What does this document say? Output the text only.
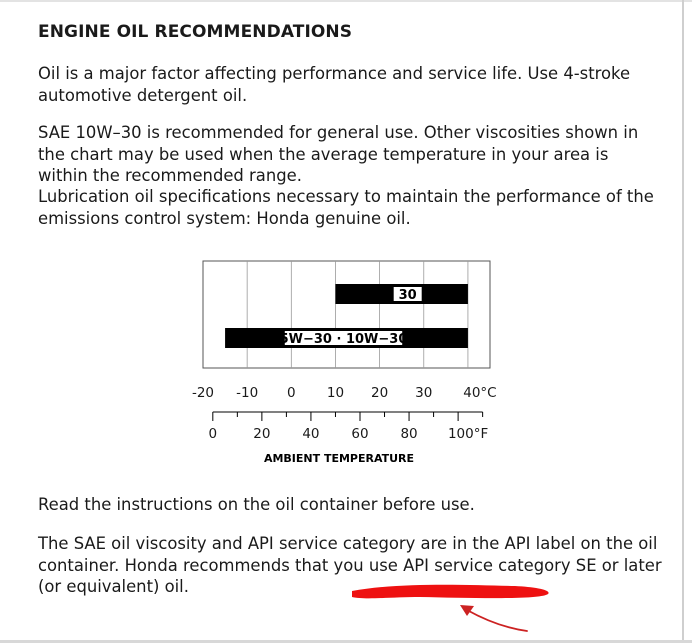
ENGINE OIL RECOMMENDATIONS
Oil is a major factor affecting performance and service life. Use 4-stroke automotive detergent oil.
SAE 10W–30 is recommended for general use. Other viscosities shown in the chart may be used when the average temperature in your area is within the recommended range.
Lubrication oil specifications necessary to maintain the performance of the emissions control system: Honda genuine oil.
30
5W−30 · 10W−30
-20 -10 0 10 20 30 40°C
0	20 40 60 80 100°F
AMBIENT TEMPERATURE
Read the instructions on the oil container before use.
The SAE oil viscosity and API service category are in the API label on the oil container. Honda recommends that you use API service category SE or later (or equivalent) oil.
